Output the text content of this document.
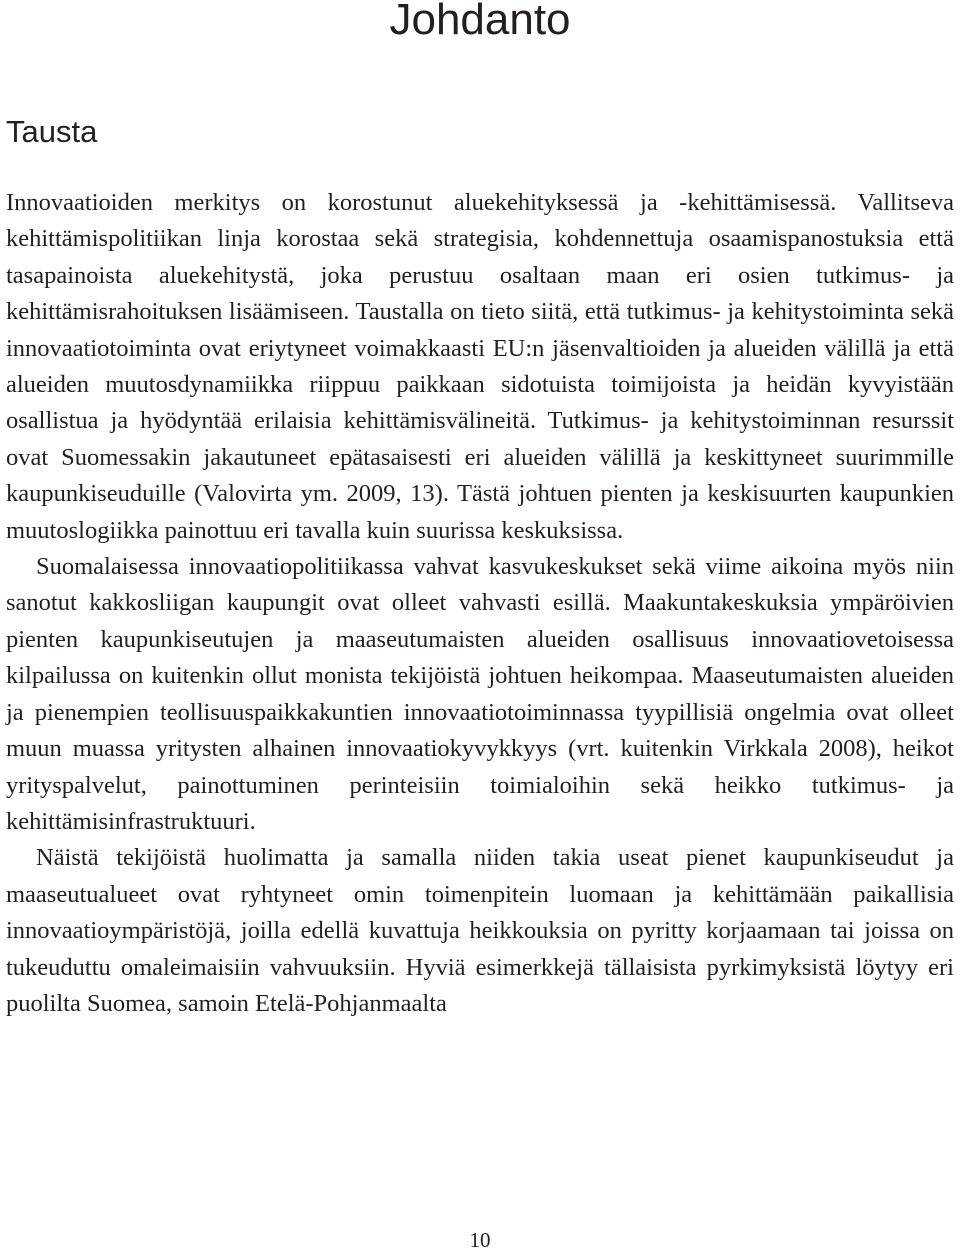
Johdanto
Tausta

Innovaatioiden merkitys on korostunut aluekehityksessä ja -kehittämisessä. Vallitseva kehittämispolitiikan linja korostaa sekä strategisia, kohdennettuja osaamispanostuksia että tasapainoista aluekehitystä, joka perustuu osaltaan maan eri osien tutkimus- ja kehittämisrahoituksen lisäämiseen. Taustalla on tieto siitä, että tutkimus- ja kehitystoiminta sekä innovaatiotoiminta ovat eriytyneet voimakkaasti EU:n jäsenvaltioiden ja alueiden välillä ja että alueiden muutosdynamiikka riippuu paikkaan sidotuista toimijoista ja heidän kyvyistään osallistua ja hyödyntää erilaisia kehittämisvälineitä. Tutkimus- ja kehitystoiminnan resurssit ovat Suomessakin jakautuneet epätasaisesti eri alueiden välillä ja keskittyneet suurimmille kaupunkiseuduille (Valovirta ym. 2009, 13). Tästä johtuen pienten ja keskisuurten kaupunkien muutoslogiikka painottuu eri tavalla kuin suurissa keskuksissa.

Suomalaisessa innovaatiopolitiikassa vahvat kasvukeskukset sekä viime aikoina myös niin sanotut kakkosliigan kaupungit ovat olleet vahvasti esillä. Maakuntakeskuksia ympäröivien pienten kaupunkiseutujen ja maaseutumaisten alueiden osallisuus innovaatiovetoisessa kilpailussa on kuitenkin ollut monista tekijöistä johtuen heikompaa. Maaseutumaisten alueiden ja pienempien teollisuuspaikkakuntien innovaatiotoiminnassa tyypillisiä ongelmia ovat olleet muun muassa yritysten alhainen innovaatiokyvykkyys (vrt. kuitenkin Virkkala 2008), heikot yrityspalvelut, painottuminen perinteisiin toimialoihin sekä heikko tutkimus- ja kehittämisinfrastruktuuri.

Näistä tekijöistä huolimatta ja samalla niiden takia useat pienet kaupunkiseudut ja maaseutualueet ovat ryhtyneet omin toimenpitein luomaan ja kehittämään paikallisia innovaatioympäristöjä, joilla edellä kuvattuja heikkouksia on pyritty korjaamaan tai joissa on tukeuduttu omaleimaisiin vahvuuksiin. Hyviä esimerkkejä tällaisista pyrkimyksistä löytyy eri puolilta Suomea, samoin Etelä-Pohjanmaalta

10
